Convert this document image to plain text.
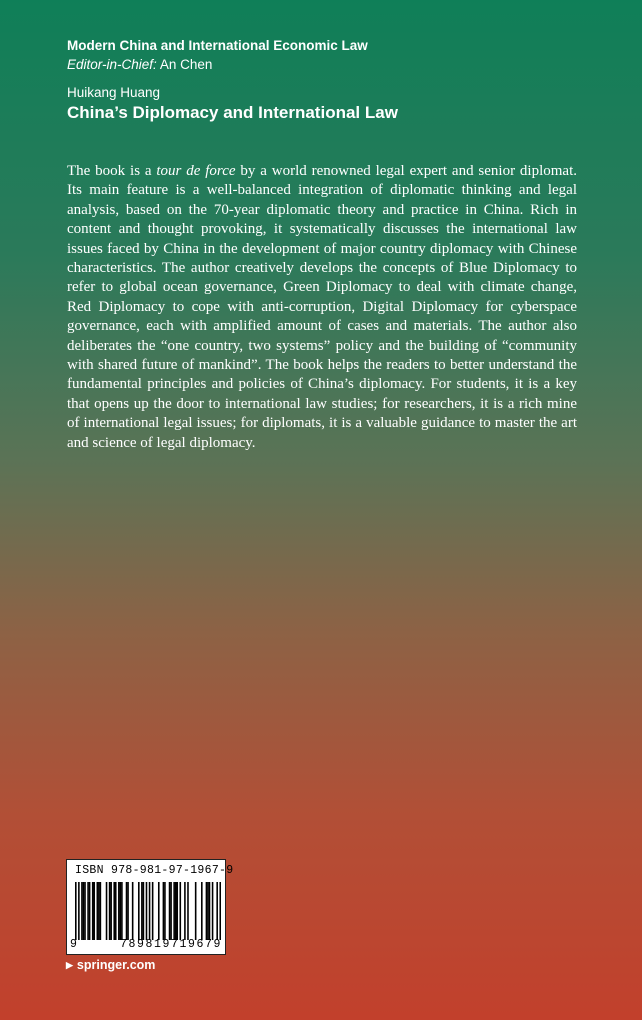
Modern China and International Economic Law
Editor-in-Chief: An Chen
Huikang Huang
China’s Diplomacy and International Law

The book is a tour de force by a world renowned legal expert and senior diplomat. Its main feature is a well-balanced integration of diplomatic thinking and legal analysis, based on the 70-year diplomatic theory and practice in China. Rich in content and thought provoking, it systematically discusses the international law issues faced by China in the development of major country diplomacy with Chinese characteristics. The author creatively develops the concepts of Blue Diplomacy to refer to global ocean governance, Green Diplomacy to deal with climate change, Red Diplomacy to cope with anti-corruption, Digital Diplomacy for cyberspace governance, each with amplified amount of cases and materials. The author also deliberates the “one country, two systems” policy and the building of “community with shared future of mankind”. The book helps the readers to better understand the fundamental principles and policies of China’s diplomacy. For students, it is a key that opens up the door to international law studies; for researchers, it is a rich mine of international legal issues; for diplomats, it is a valuable guidance to master the art and science of legal diplomacy.

ISBN 978-981-97-1967-9
9	789819719679
▶ springer.com
